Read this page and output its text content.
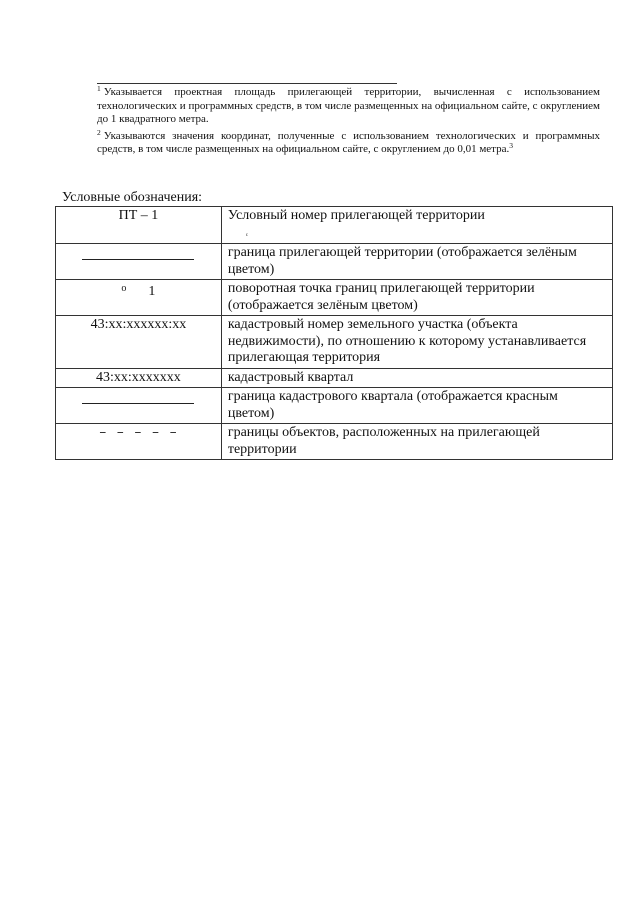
$^1$ Указывается проектная площадь прилегающей территории, вычисленная с использованием технологических и программных средств, в том числе размещенных на официальном сайте, с округлением до 1 квадратного метра.

$^2$ Указываются значения координат, полученные с использованием технологических и программных средств, в том числе размещенных на официальном сайте, с округлением до 0,01 метра.$^3$

Условные обозначения:
ПТ – 1	Условный номер прилегающей территории
ᶜ
	граница прилегающей территории (отображается зелёным цветом)
o 1	поворотная точка границ прилегающей территории (отображается зелёным цветом)
43:хх:хххххх:хх	кадастровый номер земельного участка (объекта недвижимости), по отношению к которому устанавливается прилегающая территория
43:хх:ххххххх	кадастровый квартал
	граница кадастрового квартала (отображается красным цветом)
– – – – –	границы объектов, расположенных на прилегающей территории
